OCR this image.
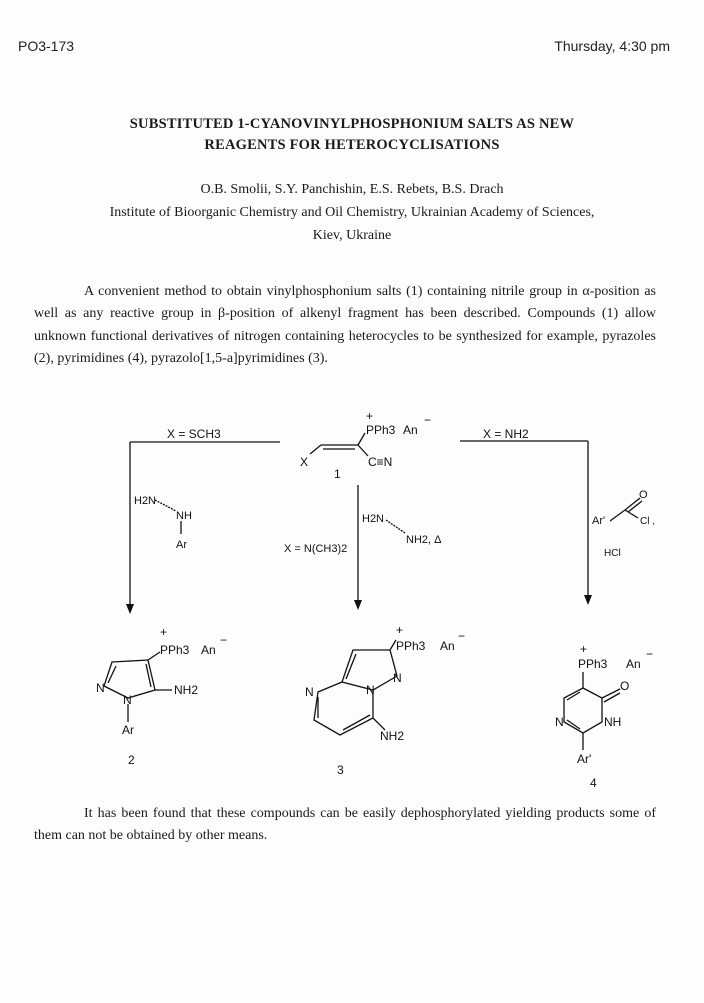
PO3-173	Thursday, 4:30 pm
SUBSTITUTED 1-CYANOVINYLPHOSPHONIUM SALTS AS NEW
REAGENTS FOR HETEROCYCLISATIONS
O.B. Smolii, S.Y. Panchishin, E.S. Rebets, B.S. Drach
Institute of Bioorganic Chemistry and Oil Chemistry, Ukrainian Academy of Sciences,
Kiev, Ukraine
A convenient method to obtain vinylphosphonium salts (1) containing nitrile group in α-position as well as any reactive group in β-position of alkenyl fragment has been described. Compounds (1) allow unknown functional derivatives of nitrogen containing heterocycles to be synthesized for example, pyrazoles (2), pyrimidines (4), pyrazolo[1,5-a]pyrimidines (3).
X = SCH3	X = NH2
X = N(CH3)2
X
+
PPh3 An
−
C≡N
1
H2N
NH
Ar
H2N
NH2, Δ
Ar'
O
Cl ,
HCl
+
PPh3 An
−
N
N
NH2
Ar
2
+
PPh3 An
−
N
N	N
NH2
3
+
PPh3 An
−
O
N	NH
Ar'
4
It has been found that these compounds can be easily dephosphorylated yielding products some of them can not be obtained by other means.
